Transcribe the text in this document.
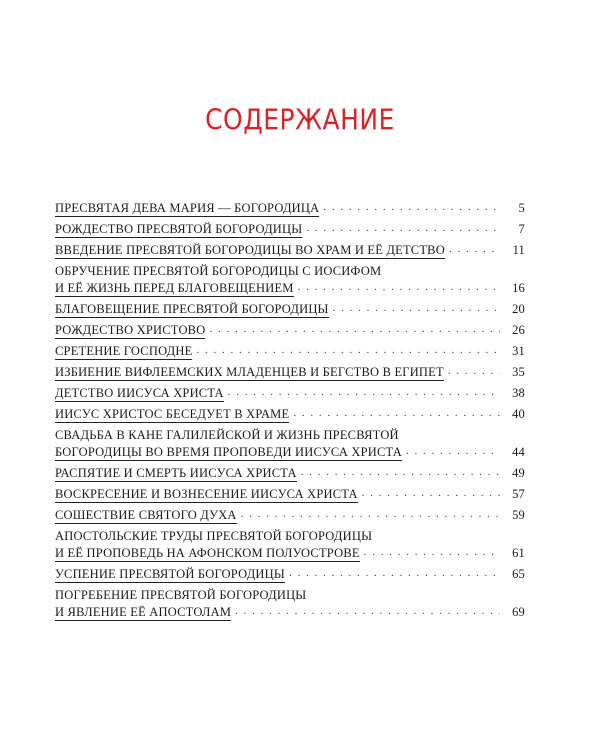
СОДЕРЖАНИЕ
ПРЕСВЯТАЯ ДЕВА МАРИЯ — БОГОРОДИЦА . . .	5
РОЖДЕСТВО ПРЕСВЯТОЙ БОГОРОДИЦЫ . . .	7
ВВЕДЕНИЕ ПРЕСВЯТОЙ БОГОРОДИЦЫ ВО ХРАМ И ЕЁ ДЕТСТВО . . .	11
ОБРУЧЕНИЕ ПРЕСВЯТОЙ БОГОРОДИЦЫ С ИОСИФОМ
И ЕЁ ЖИЗНЬ ПЕРЕД БЛАГОВЕЩЕНИЕМ . . .	16
БЛАГОВЕЩЕНИЕ ПРЕСВЯТОЙ БОГОРОДИЦЫ . . .	20
РОЖДЕСТВО ХРИСТОВО . . .	26
СРЕТЕНИЕ ГОСПОДНЕ . . .	31
ИЗБИЕНИЕ ВИФЛЕЕМСКИХ МЛАДЕНЦЕВ И БЕГСТВО В ЕГИПЕТ . . .	35
ДЕТСТВО ИИСУСА ХРИСТА . . .	38
ИИСУС ХРИСТОС БЕСЕДУЕТ В ХРАМЕ . . .	40
СВАДЬБА В КАНЕ ГАЛИЛЕЙСКОЙ И ЖИЗНЬ ПРЕСВЯТОЙ
БОГОРОДИЦЫ ВО ВРЕМЯ ПРОПОВЕДИ ИИСУСА ХРИСТА . . .	44
РАСПЯТИЕ И СМЕРТЬ ИИСУСА ХРИСТА . . .	49
ВОСКРЕСЕНИЕ И ВОЗНЕСЕНИЕ ИИСУСА ХРИСТА . . .	57
СОШЕСТВИЕ СВЯТОГО ДУХА . . .	59
АПОСТОЛЬСКИЕ ТРУДЫ ПРЕСВЯТОЙ БОГОРОДИЦЫ
И ЕЁ ПРОПОВЕДЬ НА АФОНСКОМ ПОЛУОСТРОВЕ . . .	61
УСПЕНИЕ ПРЕСВЯТОЙ БОГОРОДИЦЫ . . .	65
ПОГРЕБЕНИЕ ПРЕСВЯТОЙ БОГОРОДИЦЫ
И ЯВЛЕНИЕ ЕЁ АПОСТОЛАМ . . .	69
